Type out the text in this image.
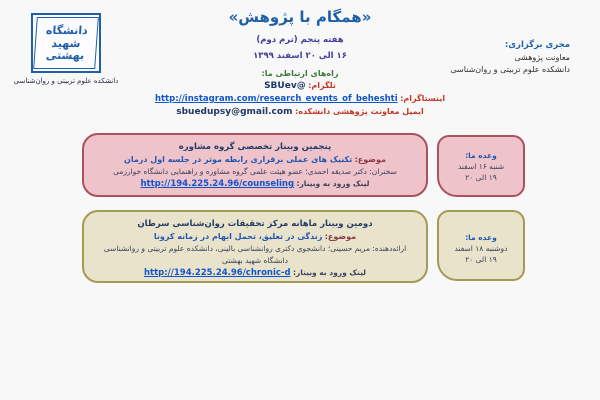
دانشگاه
شهید بهشتی
دانشکده علوم تربیتی و روان‌شناسی
«همگام با پژوهش»
هفته پنجم (ترم دوم)
۱۶ الی ۲۰ اسفند ۱۳۹۹
مجری برگزاری:
معاونت پژوهشی
دانشکده علوم تربیتی و روان‌شناسی
راه‌های ارتباطی ما:
تلگرام: @SBUev
اینستاگرام: http://instagram.com/research_events_of_beheshti
ایمیل معاونت پژوهشی دانشکده: sbuedupsy@gmail.com
پنجمین وبینار تخصصی گروه مشاوره
موضوع: تکنیک های عملی برقراری رابطه موثر در جلسه اول درمان
سخنران: دکتر صدیقه احمدی؛ عضو هیئت علمی گروه مشاوره و راهنمایی دانشگاه خوارزمی
لینک ورود به وبینار: http://194.225.24.96/counseling
وعده ما:
شنبه ۱۶ اسفند
۱۹ الی ۲۰
دومین وبینار ماهانه مرکز تحقیقات روان‌شناسی سرطان
موضوع: زندگی در تعلیق، تحمل ابهام در زمانه کرونا
ارائه‌دهنده: مریم حسینی؛ دانشجوی دکتری روانشناسی بالینی، دانشکده علوم تربیتی و روانشناسی
دانشگاه شهید بهشتی
لینک ورود به وبینار: http://194.225.24.96/chronic-d
وعده ما:
دوشنبه ۱۸ اسفند
۱۹ الی ۲۰
